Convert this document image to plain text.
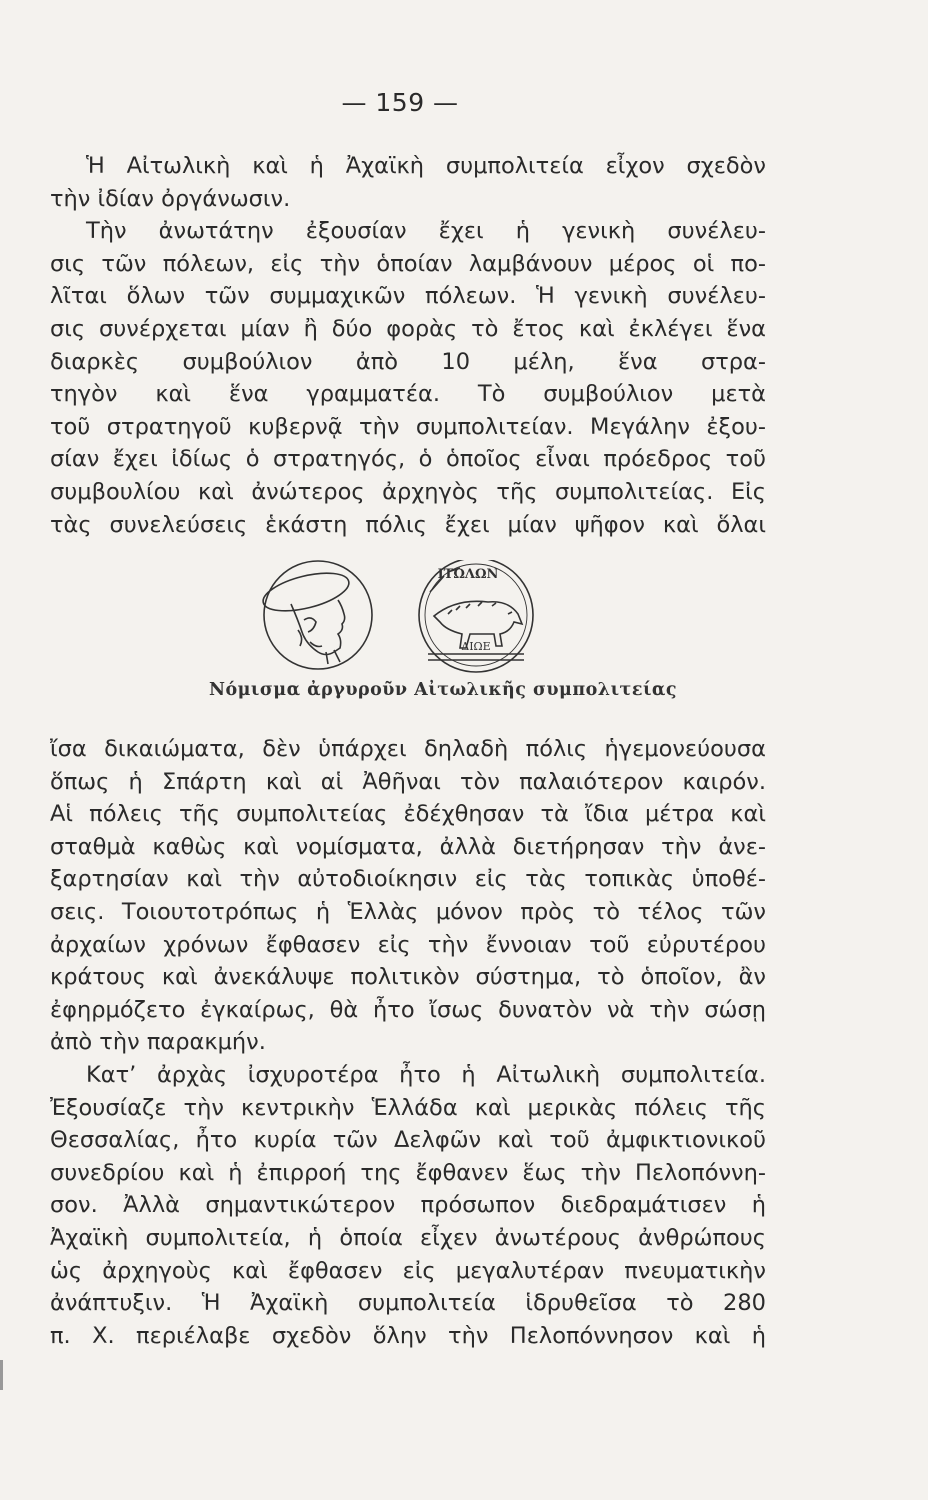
— 159 —
Ἡ Αἰτωλικὴ καὶ ἡ Ἀχαϊκὴ συμπολιτεία εἶχον σχεδὸν
τὴν ἰδίαν ὀργάνωσιν.
Τὴν ἀνωτάτην ἐξουσίαν ἔχει ἡ γενικὴ συνέλευ-
σις τῶν πόλεων, εἰς τὴν ὁποίαν λαμβάνουν μέρος οἱ πο-
λῖται ὅλων τῶν συμμαχικῶν πόλεων. Ἡ γενικὴ συνέλευ-
σις συνέρχεται μίαν ἢ δύο φορὰς τὸ ἔτος καὶ ἐκλέγει ἕνα
διαρκὲς συμβούλιον ἀπὸ 10 μέλη, ἕνα στρα-
τηγὸν καὶ ἕνα γραμματέα. Τὸ συμβούλιον μετὰ
τοῦ στρατηγοῦ κυβερνᾷ τὴν συμπολιτείαν. Μεγάλην ἐξου-
σίαν ἔχει ἰδίως ὁ στρατηγός, ὁ ὁποῖος εἶναι πρόεδρος τοῦ
συμβουλίου καὶ ἀνώτερος ἀρχηγὸς τῆς συμπολιτείας. Εἰς
τὰς συνελεύσεις ἑκάστη πόλις ἔχει μίαν ψῆφον καὶ ὅλαι
ΙΤΩΛΩΝ
ΔΙΩΕ
Νόμισμα ἀργυροῦν Αἰτωλικῆς συμπολιτείας
ἴσα δικαιώματα, δὲν ὑπάρχει δηλαδὴ πόλις ἡγεμονεύουσα
ὅπως ἡ Σπάρτη καὶ αἱ Ἀθῆναι τὸν παλαιότερον καιρόν.
Αἱ πόλεις τῆς συμπολιτείας ἐδέχθησαν τὰ ἴδια μέτρα καὶ
σταθμὰ καθὼς καὶ νομίσματα, ἀλλὰ διετήρησαν τὴν ἀνε-
ξαρτησίαν καὶ τὴν αὐτοδιοίκησιν εἰς τὰς τοπικὰς ὑποθέ-
σεις. Τοιουτοτρόπως ἡ Ἑλλὰς μόνον πρὸς τὸ τέλος τῶν
ἀρχαίων χρόνων ἔφθασεν εἰς τὴν ἔννοιαν τοῦ εὐρυτέρου
κράτους καὶ ἀνεκάλυψε πολιτικὸν σύστημα, τὸ ὁποῖον, ἂν
ἐφηρμόζετο ἐγκαίρως, θὰ ἦτο ἴσως δυνατὸν νὰ τὴν σώσῃ
ἀπὸ τὴν παρακμήν.
Κατ’ ἀρχὰς ἰσχυροτέρα ἦτο ἡ Αἰτωλικὴ συμπολιτεία.
Ἐξουσίαζε τὴν κεντρικὴν Ἑλλάδα καὶ μερικὰς πόλεις τῆς
Θεσσαλίας, ἦτο κυρία τῶν Δελφῶν καὶ τοῦ ἀμφικτιονικοῦ
συνεδρίου καὶ ἡ ἐπιρροή της ἔφθανεν ἕως τὴν Πελοπόννη-
σον. Ἀλλὰ σημαντικώτερον πρόσωπον διεδραμάτισεν ἡ
Ἀχαϊκὴ συμπολιτεία, ἡ ὁποία εἶχεν ἀνωτέρους ἀνθρώπους
ὡς ἀρχηγοὺς καὶ ἔφθασεν εἰς μεγαλυτέραν πνευματικὴν
ἀνάπτυξιν. Ἡ Ἀχαϊκὴ συμπολιτεία ἱδρυθεῖσα τὸ 280
π. Χ. περιέλαβε σχεδὸν ὅλην τὴν Πελοπόννησον καὶ ἡ
